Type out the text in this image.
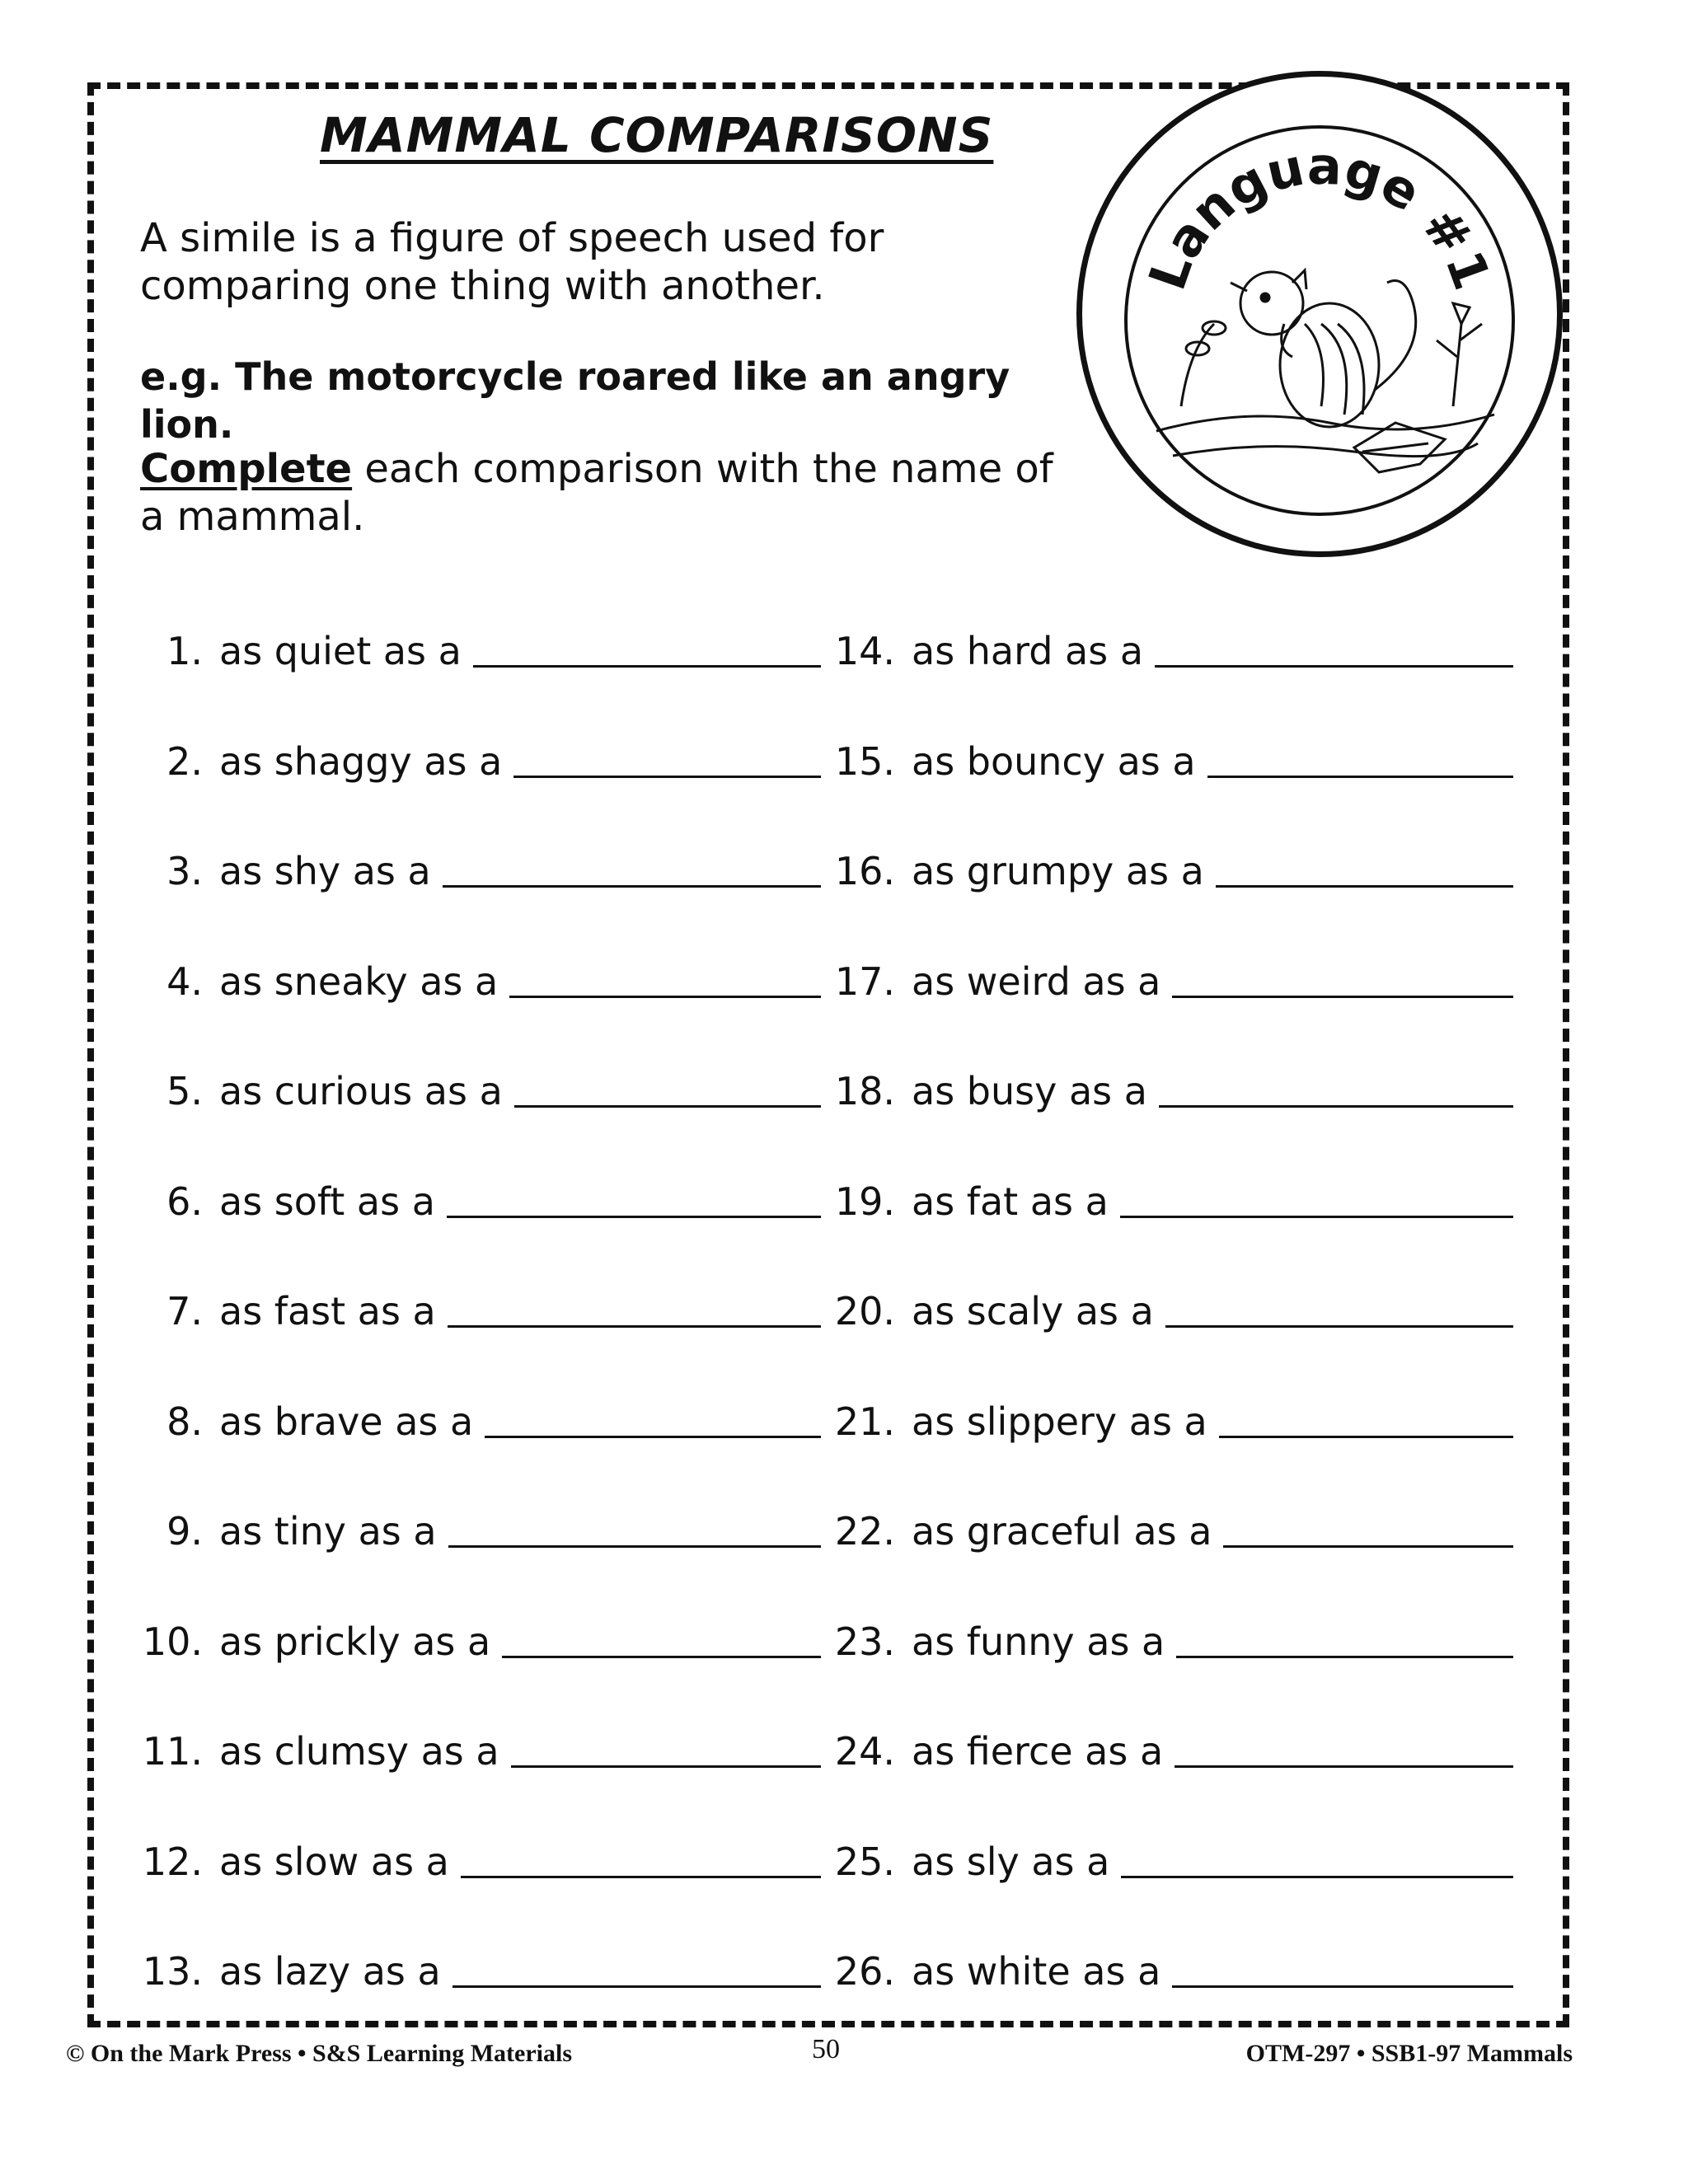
MAMMAL COMPARISONS

A simile is a figure of speech used for comparing one thing with another.

e.g. The motorcycle roared like an angry lion.

Complete each comparison with the name of a mammal.

Language #1
1. as quiet as a
2. as shaggy as a
3. as shy as a
4. as sneaky as a
5. as curious as a
6. as soft as a
7. as fast as a
8. as brave as a
9. as tiny as a
10. as prickly as a
11. as clumsy as a
12. as slow as a
13. as lazy as a
14. as hard as a
15. as bouncy as a
16. as grumpy as a
17. as weird as a
18. as busy as a
19. as fat as a
20. as scaly as a
21. as slippery as a
22. as graceful as a
23. as funny as a
24. as fierce as a
25. as sly as a
26. as white as a
© On the Mark Press • S&S Learning Materials	50	OTM-297 • SSB1-97 Mammals
